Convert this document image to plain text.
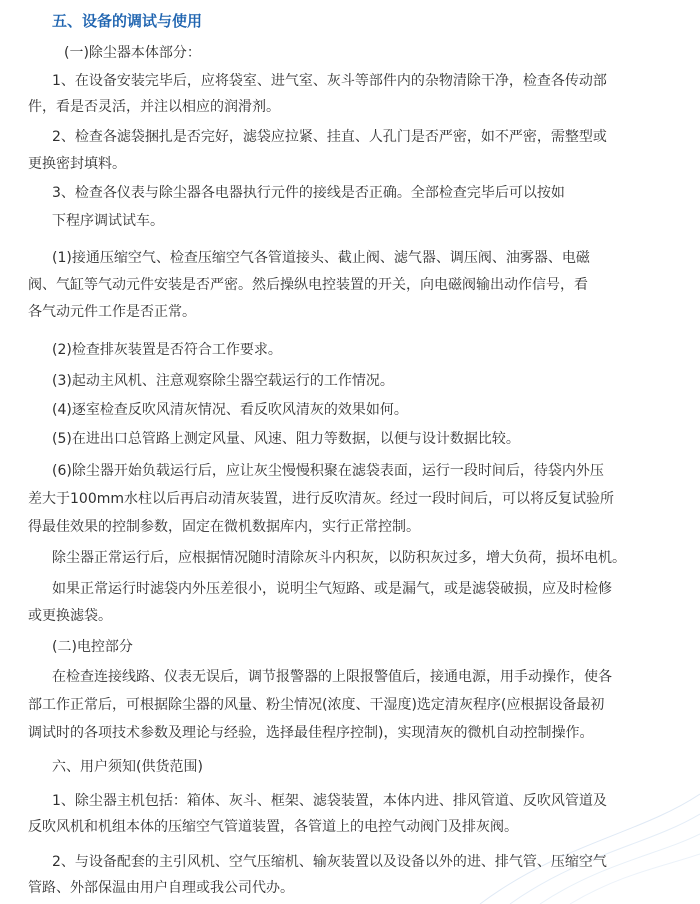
五、设备的调试与使用
(一)除尘器本体部分：
1、在设备安装完毕后，应将袋室、进气室、灰斗等部件内的杂物清除干净，检查各传动部
件，看是否灵活，并注以相应的润滑剂。
2、检查各滤袋捆扎是否完好，滤袋应拉紧、挂直、人孔门是否严密，如不严密，需整型或
更换密封填料。
3、检查各仪表与除尘器各电器执行元件的接线是否正确。全部检查完毕后可以按如
下程序调试试车。
(1)接通压缩空气、检查压缩空气各管道接头、截止阀、滤气器、调压阀、油雾器、电磁
阀、气缸等气动元件安装是否严密。然后操纵电控装置的开关，向电磁阀输出动作信号，看
各气动元件工作是否正常。
(2)检查排灰装置是否符合工作要求。
(3)起动主风机、注意观察除尘器空载运行的工作情况。
(4)逐室检查反吹风清灰情况、看反吹风清灰的效果如何。
(5)在进出口总管路上测定风量、风速、阻力等数据，以便与设计数据比较。
(6)除尘器开始负载运行后，应让灰尘慢慢积聚在滤袋表面，运行一段时间后，待袋内外压
差大于100mm水柱以后再启动清灰装置，进行反吹清灰。经过一段时间后，可以将反复试验所
得最佳效果的控制参数，固定在微机数据库内，实行正常控制。
除尘器正常运行后，应根据情况随时清除灰斗内积灰，以防积灰过多，增大负荷，损坏电机。
如果正常运行时滤袋内外压差很小，说明尘气短路、或是漏气，或是滤袋破损，应及时检修
或更换滤袋。
(二)电控部分
在检查连接线路、仪表无误后，调节报警器的上限报警值后，接通电源，用手动操作，使各
部工作正常后，可根据除尘器的风量、粉尘情况(浓度、干湿度)选定清灰程序(应根据设备最初
调试时的各项技术参数及理论与经验，选择最佳程序控制)，实现清灰的微机自动控制操作。
六、用户须知(供货范围)
1、除尘器主机包括：箱体、灰斗、框架、滤袋装置，本体内进、排风管道、反吹风管道及
反吹风机和机组本体的压缩空气管道装置，各管道上的电控气动阀门及排灰阀。
2、与设备配套的主引风机、空气压缩机、输灰装置以及设备以外的进、排气管、压缩空气
管路、外部保温由用户自理或我公司代办。
